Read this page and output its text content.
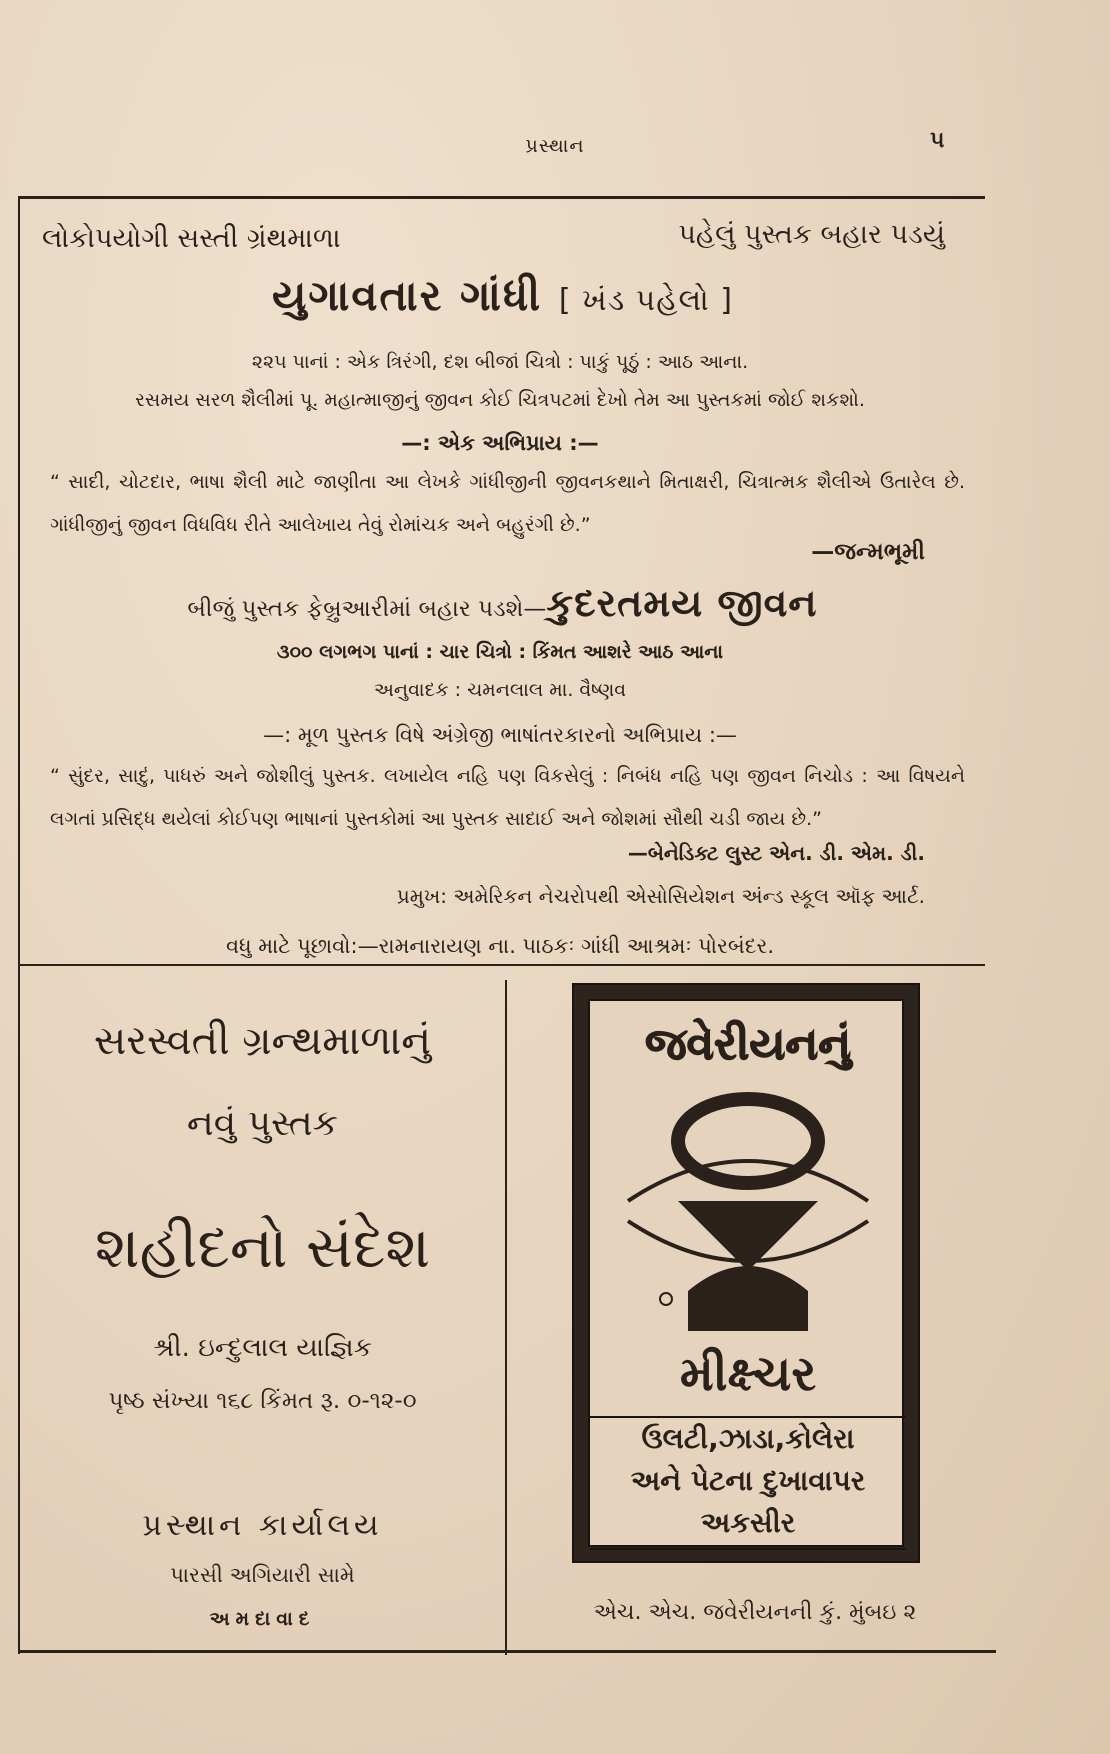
પ્રસ્થાન	૫
લોકોપયોગી સસ્તી ગ્રંથમાળા	પહેલું પુસ્તક બહાર પડયું
યુગાવતાર ગાંધી [ ખંડ પહેલો ]
૨૨૫ પાનાં : એક ત્રિરંગી, દશ બીજાં ચિત્રો : પાકું પૂઠું : આઠ આના.
રસમય સરળ શૈલીમાં પૂ. મહાત્માજીનું જીવન કોઈ ચિત્રપટમાં દેખો તેમ આ પુસ્તકમાં જોઈ શકશો.
—: એક અભિપ્રાય :—
“ સાદી, ચોટદાર, ભાષા શૈલી માટે જાણીતા આ લેખકે ગાંધીજીની જીવનકથાને મિતાક્ષરી, ચિત્રાત્મક શૈલીએ ઉતારેલ છે. ગાંધીજીનું જીવન વિધવિધ રીતે આલેખાય તેવું રોમાંચક અને બહુરંગી છે.”
—જન્મભૂમી
બીજું પુસ્તક ફેબ્રુઆરીમાં બહાર પડશે—કુદરતમય જીવન
૩૦૦ લગભગ પાનાં : ચાર ચિત્રો : કિંમત આશરે આઠ આના
અનુવાદક : ચમનલાલ મા. વૈષ્ણવ
—: મૂળ પુસ્તક વિષે અંગ્રેજી ભાષાંતરકારનો અભિપ્રાય :—
“ સુંદર, સાદું, પાધરું અને જોશીલું પુસ્તક. લખાયેલ નહિ પણ વિકસેલું : નિબંધ નહિ પણ જીવન નિચોડ : આ વિષયને લગતાં પ્રસિદ્ધ થયેલાં કોઈપણ ભાષાનાં પુસ્તકોમાં આ પુસ્તક સાદાઈ અને જોશમાં સૌથી ચડી જાય છે.”
—બેનેડિક્ટ લુસ્ટ એન. ડી. એમ. ડી.
પ્રમુખ: અમેરિકન નેચરોપથી એસોસિયેશન અંન્ડ સ્કૂલ ઑફ આર્ટ.
વધુ માટે પૂછાવો:—રામનારાયણ ના. પાઠકઃ ગાંધી આશ્રમઃ પોરબંદર.
સરસ્વતી ગ્રન્થમાળાનું
નવું પુસ્તક
શહીદનો સંદેશ
શ્રી. ઇન્દુલાલ યાજ્ઞિક
પૃષ્ઠ સંખ્યા ૧૬૮ કિંમત રૂ. ૦-૧૨-૦
પ્રસ્થાન કાર્યાલય
પારસી અગિયારી સામે
અમદાવાદ
જવેરીયનનું
મીક્ષ્ચર
ઉલટી,ઝાડા,કોલેરા
અને પેટના દુખાવાપર
અકસીર
એચ. એચ. જવેરીયનની કું. મુંબઇ ૨
